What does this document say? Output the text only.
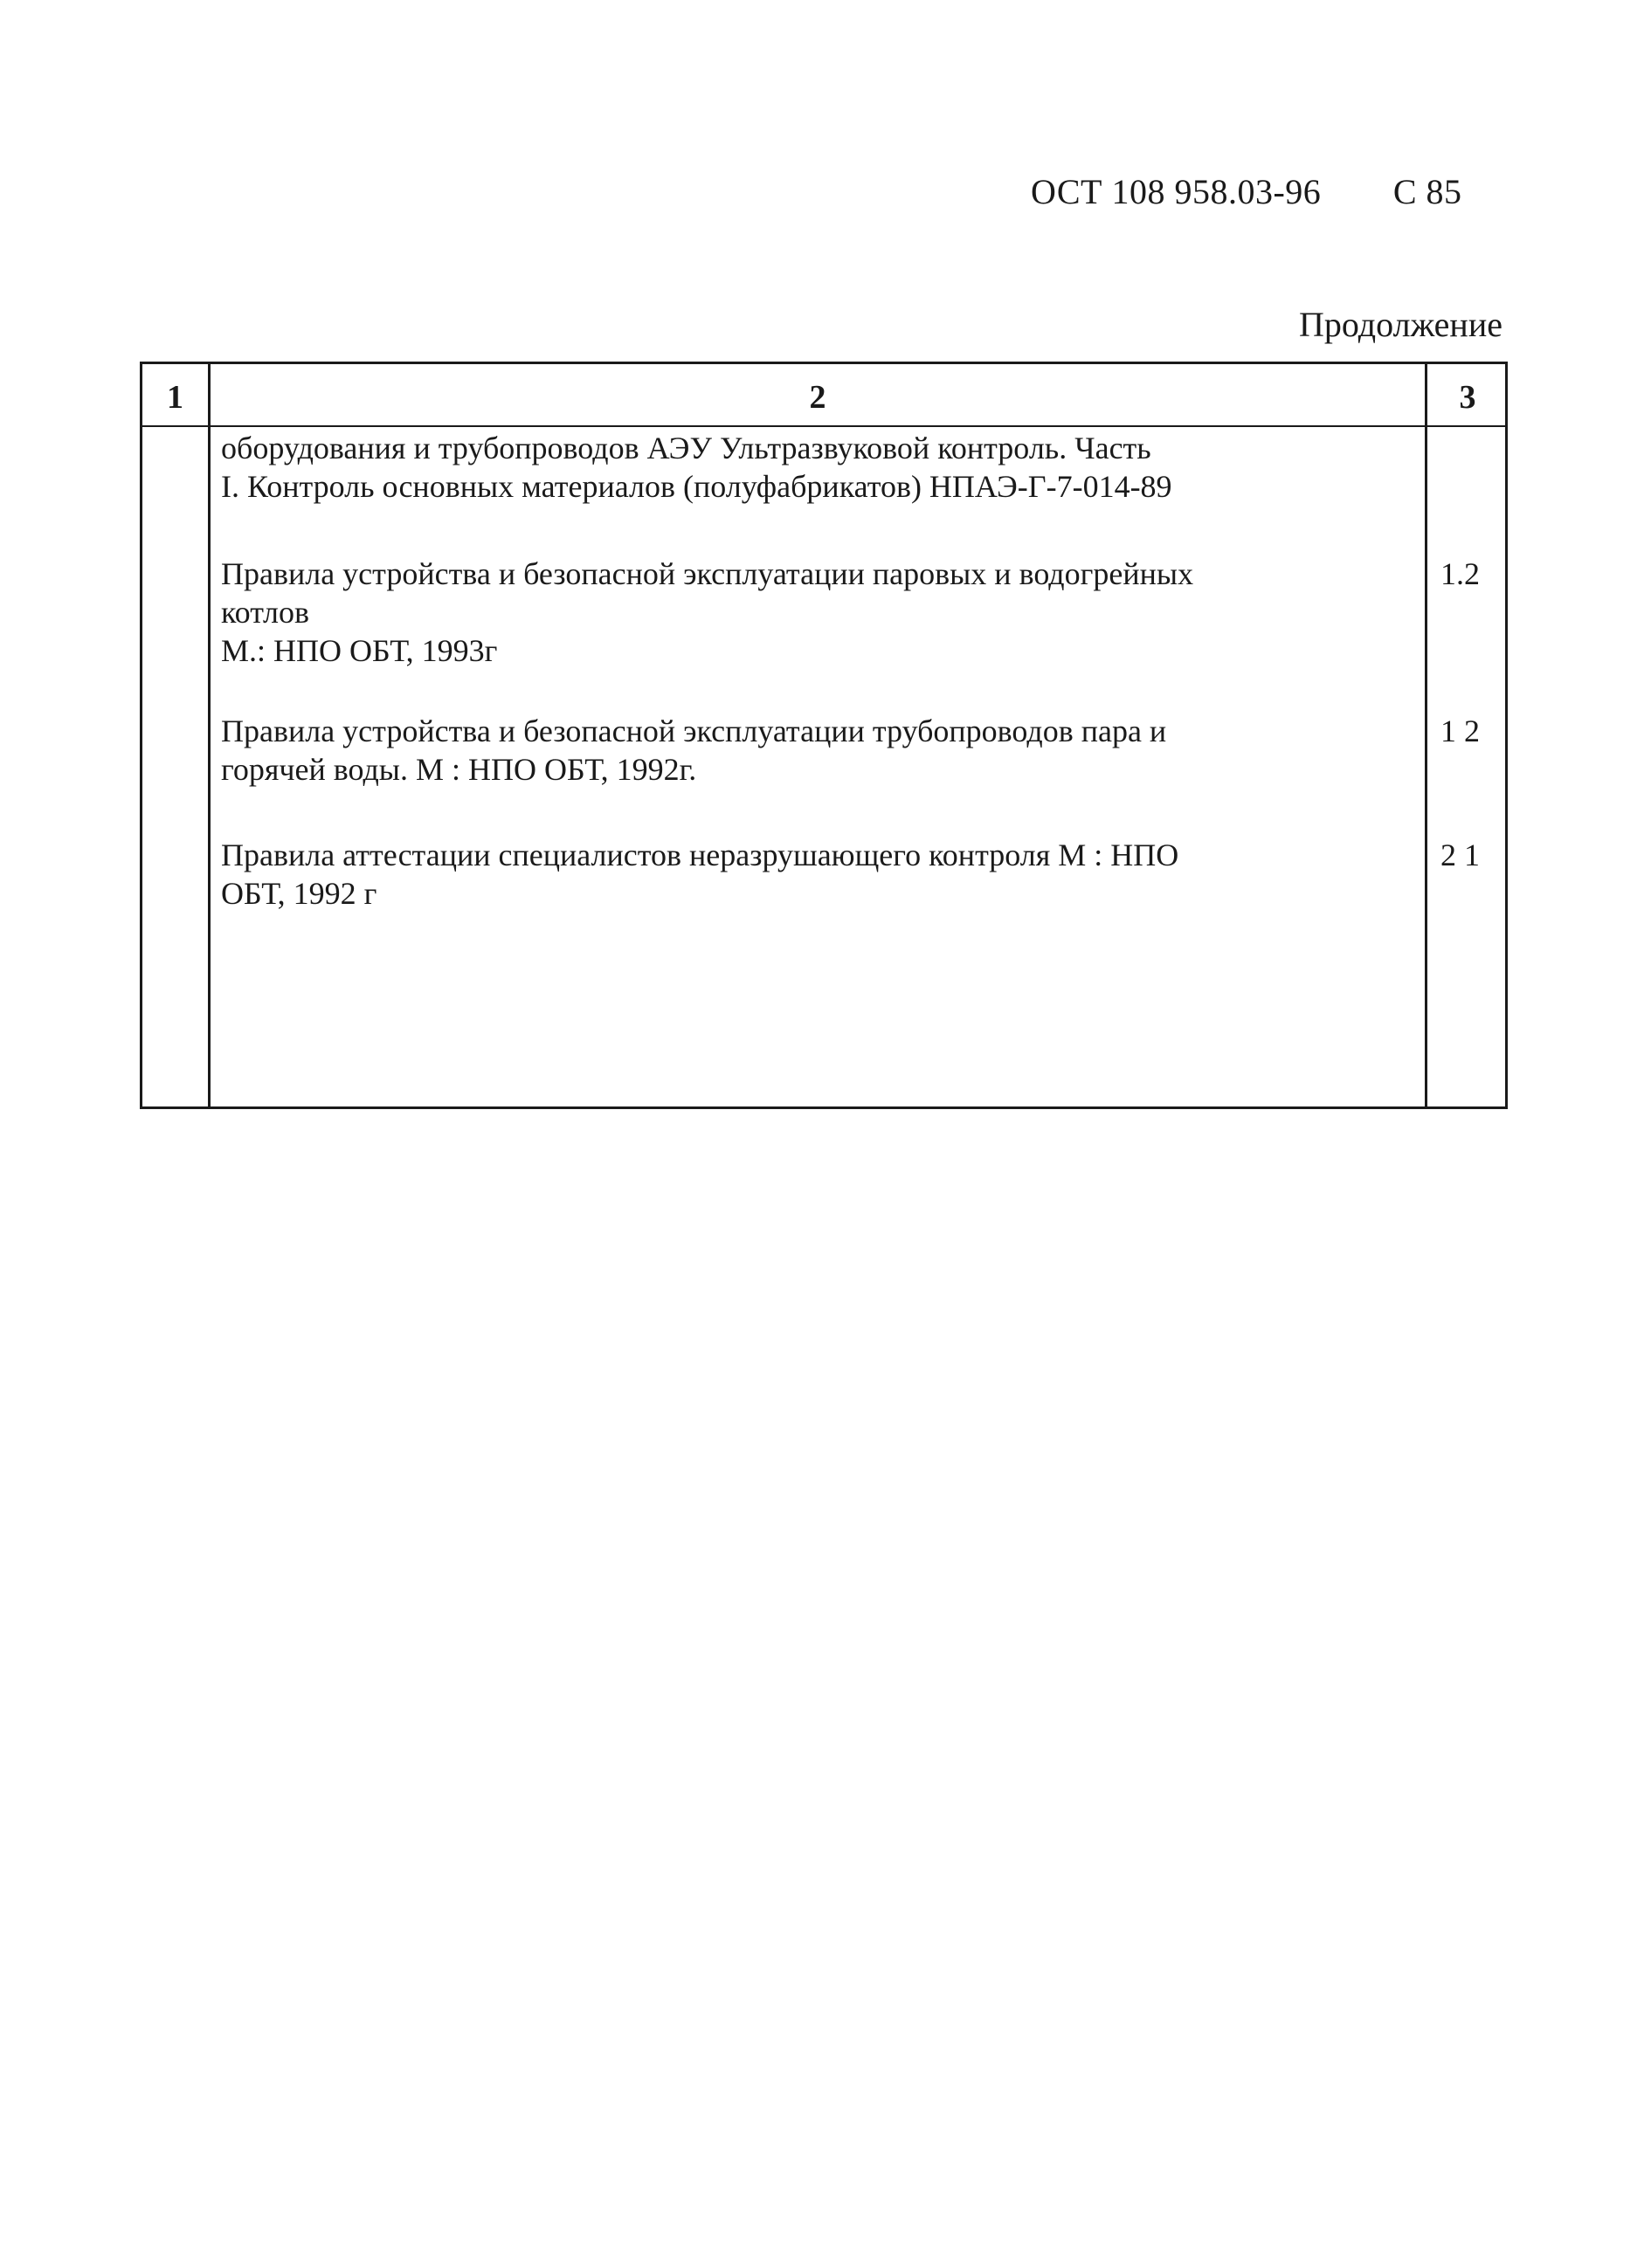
ОСТ 108 958.03-96 С 85
Продолжение
1	2	3
оборудования и трубопроводов АЭУ Ультразвуковой контроль. Часть
I. Контроль основных материалов (полуфабрикатов) НПАЭ-Г-7-014-89
Правила устройства и безопасной эксплуатации паровых и водогрейных
котлов
М.: НПО ОБТ, 1993г
1.2
Правила устройства и безопасной эксплуатации трубопроводов пара и
горячей воды. М : НПО ОБТ, 1992г.
1 2
Правила аттестации специалистов неразрушающего контроля М : НПО
ОБТ, 1992 г
2 1
